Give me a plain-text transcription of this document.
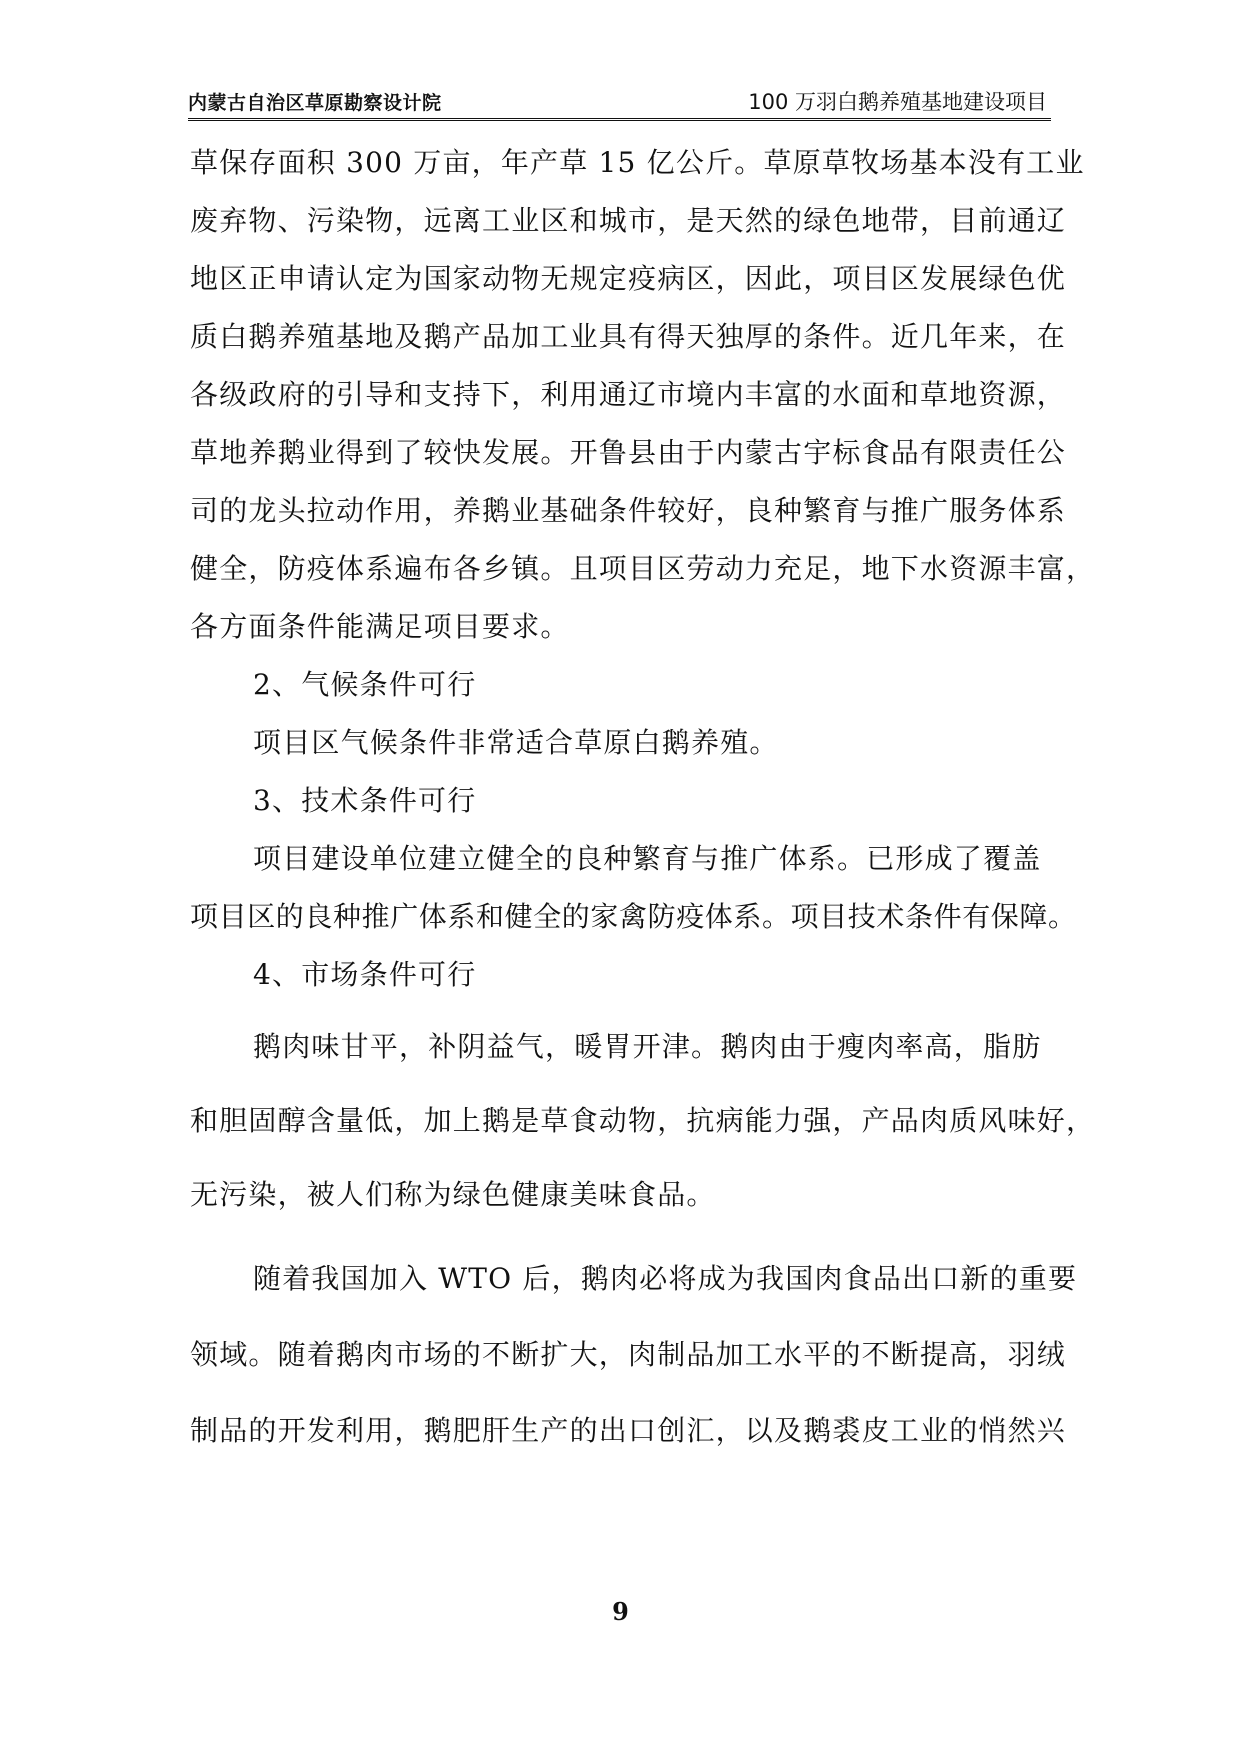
内蒙古自治区草原勘察设计院	100 万羽白鹅养殖基地建设项目
草保存面积 300 万亩，年产草 15 亿公斤。草原草牧场基本没有工业
废弃物、污染物，远离工业区和城市，是天然的绿色地带，目前通辽
地区正申请认定为国家动物无规定疫病区，因此，项目区发展绿色优
质白鹅养殖基地及鹅产品加工业具有得天独厚的条件。近几年来，在
各级政府的引导和支持下，利用通辽市境内丰富的水面和草地资源，
草地养鹅业得到了较快发展。开鲁县由于内蒙古宇标食品有限责任公
司的龙头拉动作用，养鹅业基础条件较好，良种繁育与推广服务体系
健全，防疫体系遍布各乡镇。且项目区劳动力充足，地下水资源丰富，
各方面条件能满足项目要求。
2、气候条件可行
项目区气候条件非常适合草原白鹅养殖。
3、技术条件可行
项目建设单位建立健全的良种繁育与推广体系。已形成了覆盖
项目区的良种推广体系和健全的家禽防疫体系。项目技术条件有保障。
4、市场条件可行
鹅肉味甘平，补阴益气，暖胃开津。鹅肉由于瘦肉率高，脂肪
和胆固醇含量低，加上鹅是草食动物，抗病能力强，产品肉质风味好，
无污染，被人们称为绿色健康美味食品。
随着我国加入 WTO 后，鹅肉必将成为我国肉食品出口新的重要
领域。随着鹅肉市场的不断扩大，肉制品加工水平的不断提高，羽绒
制品的开发利用，鹅肥肝生产的出口创汇，以及鹅裘皮工业的悄然兴
9
